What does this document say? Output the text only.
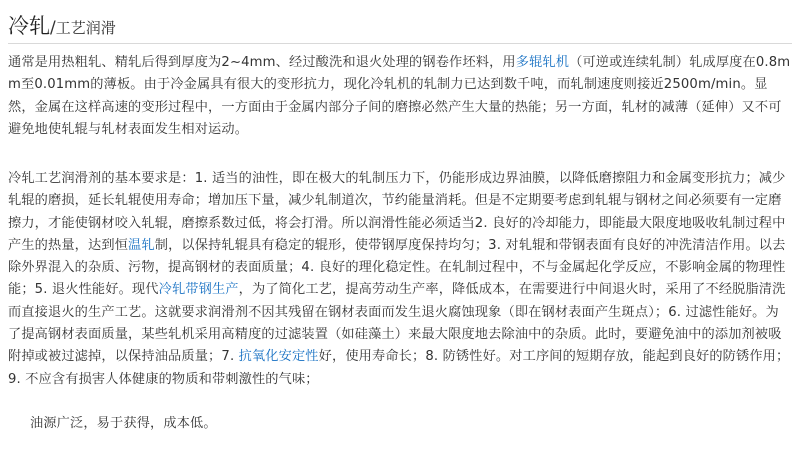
冷轧/工艺润滑
通常是用热粗轧、精轧后得到厚度为2~4mm、经过酸洗和退火处理的钢卷作坯料，用多辊轧机（可逆或连续轧制）轧成厚度在0.8mm至0.01mm的薄板。由于冷金属具有很大的变形抗力，现化冷轧机的轧制力已达到数千吨，而轧制速度则接近2500m/min。显然，金属在这样高速的变形过程中，一方面由于金属内部分子间的磨擦必然产生大量的热能；另一方面，轧材的减薄（延伸）又不可避免地使轧辊与轧材表面发生相对运动。
冷轧工艺润滑剂的基本要求是：1. 适当的油性，即在极大的轧制压力下，仍能形成边界油膜，以降低磨擦阻力和金属变形抗力；减少轧辊的磨损，延长轧辊使用寿命；增加压下量，减少轧制道次，节约能量消耗。但是不定期要考虑到轧辊与钢材之间必须要有一定磨擦力，才能使钢材咬入轧辊，磨擦系数过低，将会打滑。所以润滑性能必须适当2. 良好的冷却能力，即能最大限度地吸收轧制过程中产生的热量，达到恒温轧制，以保持轧辊具有稳定的辊形，使带钢厚度保持均匀；3. 对轧辊和带钢表面有良好的冲洗清洁作用。以去除外界混入的杂质、污物，提高钢材的表面质量；4. 良好的理化稳定性。在轧制过程中，不与金属起化学反应，不影响金属的物理性能；5. 退火性能好。现代冷轧带钢生产，为了简化工艺，提高劳动生产率，降低成本，在需要进行中间退火时，采用了不经脱脂清洗而直接退火的生产工艺。这就要求润滑剂不因其残留在钢材表面而发生退火腐蚀现象（即在钢材表面产生斑点）；6. 过滤性能好。为了提高钢材表面质量，某些轧机采用高精度的过滤装置（如硅藻土）来最大限度地去除油中的杂质。此时，要避免油中的添加剂被吸附掉或被过滤掉，以保持油品质量；7. 抗氧化安定性好，使用寿命长；8. 防锈性好。对工序间的短期存放，能起到良好的防锈作用；9. 不应含有损害人体健康的物质和带刺激性的气味；
油源广泛，易于获得，成本低。
